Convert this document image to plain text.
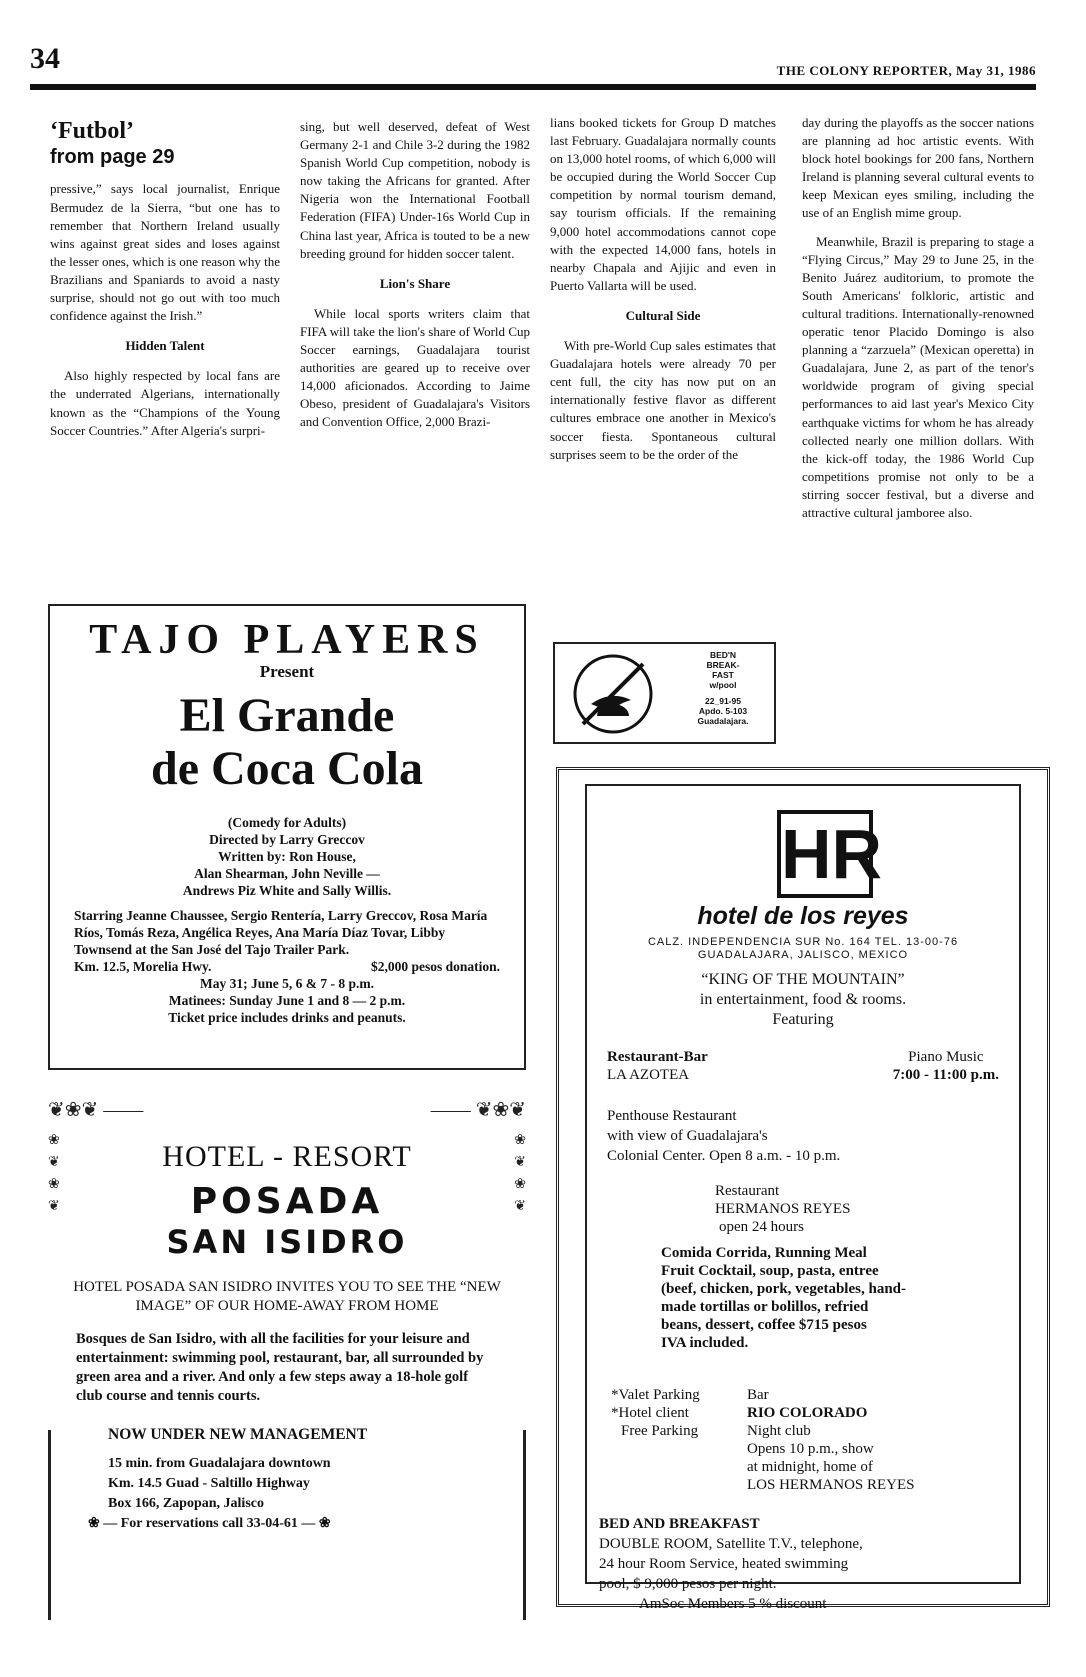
34	THE COLONY REPORTER, May 31, 1986
‘Futbol’
from page 29

pressive,” says local journalist, Enrique Bermudez de la Sierra, “but one has to remember that Northern Ireland usually wins against great sides and loses against the lesser ones, which is one reason why the Brazilians and Spaniards to avoid a nasty surprise, should not go out with too much confidence against the Irish.”

Hidden Talent

Also highly respected by local fans are the underrated Algerians, internationally known as the “Champions of the Young Soccer Countries.” After Algeria's surpri-

sing, but well deserved, defeat of West Germany 2-1 and Chile 3-2 during the 1982 Spanish World Cup competition, nobody is now taking the Africans for granted. After Nigeria won the International Football Federation (FIFA) Under-16s World Cup in China last year, Africa is touted to be a new breeding ground for hidden soccer talent.

Lion's Share

While local sports writers claim that FIFA will take the lion's share of World Cup Soccer earnings, Guadalajara tourist authorities are geared up to receive over 14,000 aficionados. According to Jaime Obeso, president of Guadalajara's Visitors and Convention Office, 2,000 Brazi-

lians booked tickets for Group D matches last February. Guadalajara normally counts on 13,000 hotel rooms, of which 6,000 will be occupied during the World Soccer Cup competition by normal tourism demand, say tourism officials. If the remaining 9,000 hotel accommodations cannot cope with the expected 14,000 fans, hotels in nearby Chapala and Ajijic and even in Puerto Vallarta will be used.

Cultural Side

With pre-World Cup sales estimates that Guadalajara hotels were already 70 per cent full, the city has now put on an internationally festive flavor as different cultures embrace one another in Mexico's soccer fiesta. Spontaneous cultural surprises seem to be the order of the

day during the playoffs as the soccer nations are planning ad hoc artistic events. With block hotel bookings for 200 fans, Northern Ireland is planning several cultural events to keep Mexican eyes smiling, including the use of an English mime group.

Meanwhile, Brazil is preparing to stage a “Flying Circus,” May 29 to June 25, in the Benito Juárez auditorium, to promote the South Americans' folkloric, artistic and cultural traditions. Internationally-renowned operatic tenor Placido Domingo is also planning a “zarzuela” (Mexican operetta) in Guadalajara, June 2, as part of the tenor's worldwide program of giving special performances to aid last year's Mexico City earthquake victims for whom he has already collected nearly one million dollars. With the kick-off today, the 1986 World Cup competitions promise not only to be a stirring soccer festival, but a diverse and attractive cultural jamboree also.

TAJO PLAYERS
Present
El Grande
de Coca Cola
(Comedy for Adults)
Directed by Larry Greccov
Written by: Ron House,
Alan Shearman, John Neville —
Andrews Piz White and Sally Willis.
Starring Jeanne Chaussee, Sergio Rentería, Larry Greccov, Rosa María Ríos, Tomás Reza, Angélica Reyes, Ana María Díaz Tovar, Libby Townsend at the San José del Tajo Trailer Park.
Km. 12.5, Morelia Hwy.	$2,000 pesos donation.
May 31; June 5, 6 & 7 - 8 p.m.
Matinees: Sunday June 1 and 8 — 2 p.m.
Ticket price includes drinks and peanuts.
❦❀❦ ——	—— ❦❀❦
❀
❦
❀
❦
❀
❦
❀
❦
HOTEL - RESORT
POSADA
SAN ISIDRO
HOTEL POSADA SAN ISIDRO INVITES YOU TO SEE THE “NEW IMAGE” OF OUR HOME-AWAY FROM HOME
Bosques de San Isidro, with all the facilities for your leisure and entertainment: swimming pool, restaurant, bar, all surrounded by green area and a river. And only a few steps away a 18-hole golf club course and tennis courts.
NOW UNDER NEW MANAGEMENT
15 min. from Guadalajara downtown
Km. 14.5 Guad - Saltillo Highway
Box 166, Zapopan, Jalisco
❀ — For reservations call 33-04-61 — ❀
BED'N
BREAK-
FAST
w/pool
22_91-95
Apdo. 5-103
Guadalajara.
HR
hotel de los reyes
CALZ. INDEPENDENCIA SUR No. 164 TEL. 13-00-76
GUADALAJARA, JALISCO, MEXICO
“KING OF THE MOUNTAIN”
in entertainment, food & rooms.
Featuring
Restaurant-Bar
LA AZOTEA
Piano Music
7:00 - 11:00 p.m.
Penthouse Restaurant
with view of Guadalajara's
Colonial Center. Open 8 a.m. - 10 p.m.
Restaurant
HERMANOS REYES
open 24 hours
Comida Corrida, Running Meal
Fruit Cocktail, soup, pasta, entree
(beef, chicken, pork, vegetables, hand-
made tortillas or bolillos, refried
beans, dessert, coffee $715 pesos
IVA included.
*Valet Parking
*Hotel client
Free Parking
Bar
RIO COLORADO
Night club
Opens 10 p.m., show
at midnight, home of
LOS HERMANOS REYES
BED AND BREAKFAST
DOUBLE ROOM, Satellite T.V., telephone,
24 hour Room Service, heated swimming
pool, $ 9,000 pesos per night.
AmSoc Members 5 % discount
